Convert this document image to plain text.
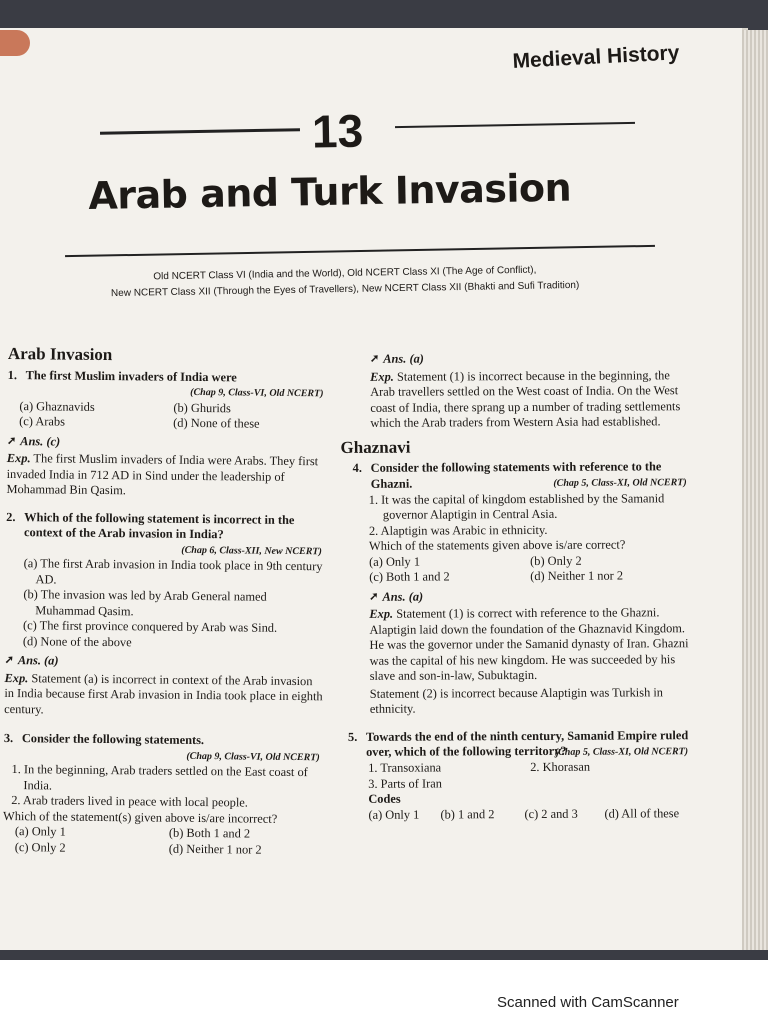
Medieval History
13
Arab and Turk Invasion
Old NCERT Class VI (India and the World), Old NCERT Class XI (The Age of Conflict),
New NCERT Class XII (Through the Eyes of Travellers), New NCERT Class XII (Bhakti and Sufi Tradition)
Arab Invasion
1. The first Muslim invaders of India were
(Chap 9, Class-VI, Old NCERT)
(a) Ghaznavids	(b) Ghurids
(c) Arabs	(d) None of these
➚ Ans. (c)
Exp. The first Muslim invaders of India were Arabs. They first invaded India in 712 AD in Sind under the leadership of Mohammad Bin Qasim.
2. Which of the following statement is incorrect in the context of the Arab invasion in India?
(Chap 6, Class-XII, New NCERT)
(a) The first Arab invasion in India took place in 9th century AD.
(b) The invasion was led by Arab General named Muhammad Qasim.
(c) The first province conquered by Arab was Sind.
(d) None of the above
➚ Ans. (a)
Exp. Statement (a) is incorrect in context of the Arab invasion in India because first Arab invasion in India took place in eighth century.
3. Consider the following statements.
(Chap 9, Class-VI, Old NCERT)
1. In the beginning, Arab traders settled on the East coast of India.
2. Arab traders lived in peace with local people.
Which of the statement(s) given above is/are incorrect?
(a) Only 1	(b) Both 1 and 2
(c) Only 2	(d) Neither 1 nor 2
➚ Ans. (a)
Exp. Statement (1) is incorrect because in the beginning, the Arab travellers settled on the West coast of India. On the West coast of India, there sprang up a number of trading settlements which the Arab traders from Western Asia had established.
Ghaznavi
4. Consider the following statements with reference to the Ghazni.	(Chap 5, Class-XI, Old NCERT)
1. It was the capital of kingdom established by the Samanid governor Alaptigin in Central Asia.
2. Alaptigin was Arabic in ethnicity.
Which of the statements given above is/are correct?
(a) Only 1	(b) Only 2
(c) Both 1 and 2	(d) Neither 1 nor 2
➚ Ans. (a)
Exp. Statement (1) is correct with reference to the Ghazni. Alaptigin laid down the foundation of the Ghaznavid Kingdom. He was the governor under the Samanid dynasty of Iran. Ghazni was the capital of his new kingdom. He was succeeded by his slave and son-in-law, Subuktagin.
Statement (2) is incorrect because Alaptigin was Turkish in ethnicity.
5. Towards the end of the ninth century, Samanid Empire ruled over, which of the following territory?
(Chap 5, Class-XI, Old NCERT)
1. Transoxiana	2. Khorasan
3. Parts of Iran
Codes
(a) Only 1	(b) 1 and 2	(c) 2 and 3	(d) All of these
Scanned with CamScanner
